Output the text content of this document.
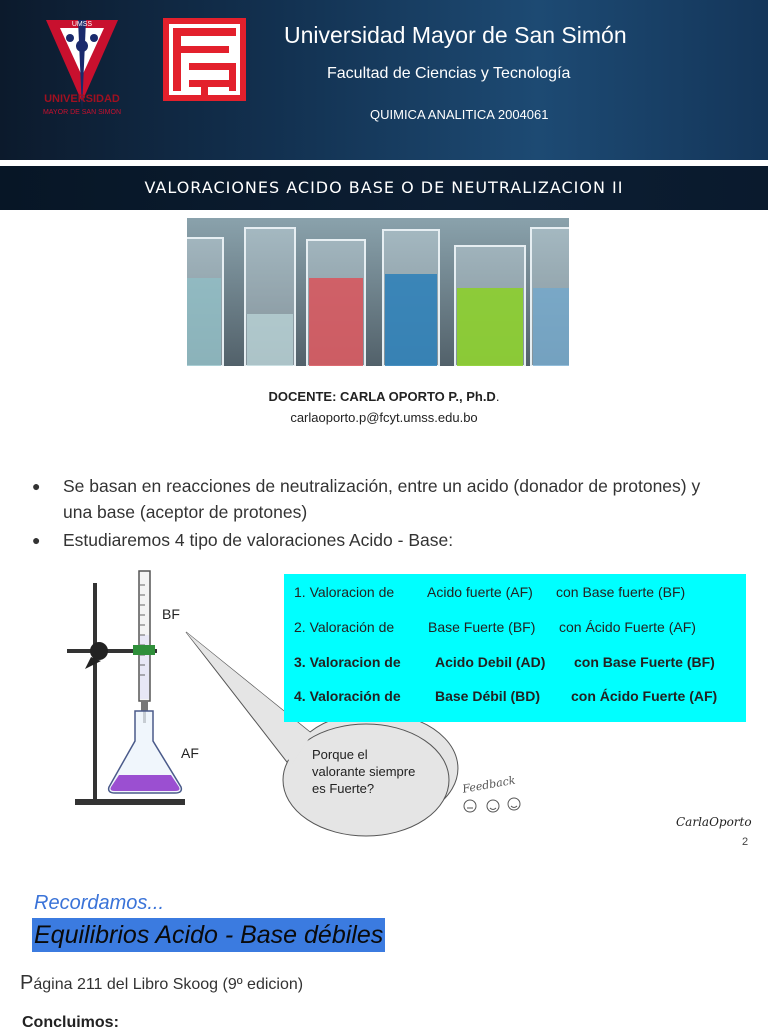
UMSS
UNIVERSIDAD
MAYOR DE SAN SIMON
Universidad Mayor de San Simón
Facultad de Ciencias y Tecnología
QUIMICA ANALITICA 2004061
VALORACIONES ACIDO BASE O DE NEUTRALIZACION II
DOCENTE: CARLA OPORTO P., Ph.D.
carlaoporto.p@fcyt.umss.edu.bo
● Se basan en reacciones de neutralización, entre un acido (donador de protones) y una base (aceptor de protones)
● Estudiaremos 4 tipo de valoraciones Acido - Base:
BF
AF	Porque el valorante siempre es Fuerte?
1. Valoracion de Acido fuerte (AF) con Base fuerte (BF)
2. Valoración de Base Fuerte (BF) con Ácido Fuerte (AF)
3. Valoracion de Acido Debil (AD) con Base Fuerte (BF)
4. Valoración de Base Débil (BD) con Ácido Fuerte (AF)
Feedback
CarlaOporto
2
Recordamos...
Equilibrios Acido - Base débiles
Página 211 del Libro Skoog (9º edicion)
Concluimos:
